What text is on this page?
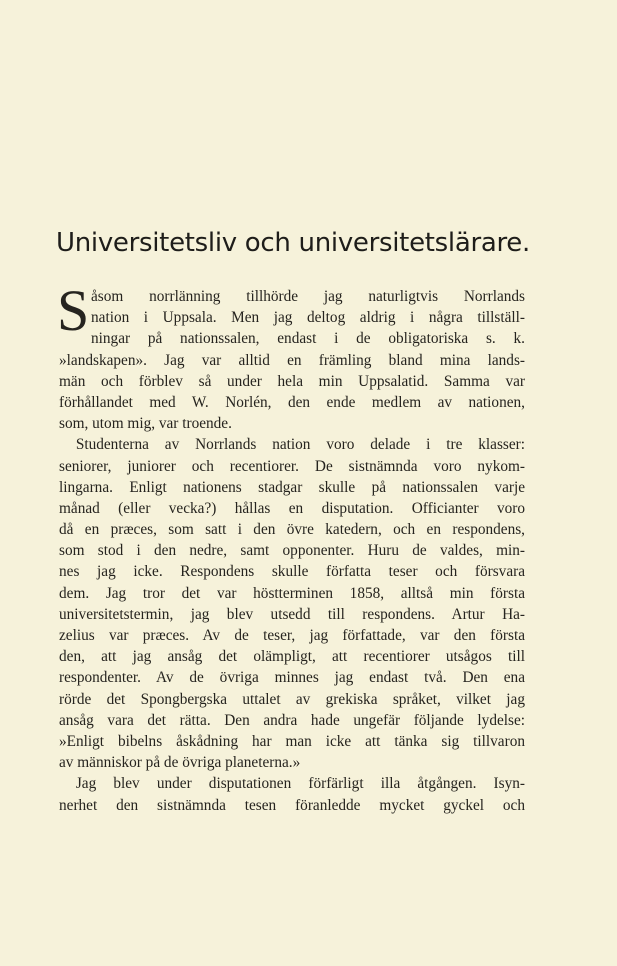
Universitetsliv och universitetslärare.
S åsom norrlänning tillhörde jag naturligtvis Norrlands
nation i Uppsala. Men jag deltog aldrig i några tillställ-
ningar på nationssalen, endast i de obligatoriska s. k.
»landskapen». Jag var alltid en främling bland mina lands-
män och förblev så under hela min Uppsalatid. Samma var
förhållandet med W. Norlén, den ende medlem av nationen,
som, utom mig, var troende.
Studenterna av Norrlands nation voro delade i tre klasser:
seniorer, juniorer och recentiorer. De sistnämnda voro nykom-
lingarna. Enligt nationens stadgar skulle på nationssalen varje
månad (eller vecka?) hållas en disputation. Officianter voro
då en præces, som satt i den övre katedern, och en respondens,
som stod i den nedre, samt opponenter. Huru de valdes, min-
nes jag icke. Respondens skulle författa teser och försvara
dem. Jag tror det var höstterminen 1858, alltså min första
universitetstermin, jag blev utsedd till respondens. Artur Ha-
zelius var præces. Av de teser, jag författade, var den första
den, att jag ansåg det olämpligt, att recentiorer utsågos till
respondenter. Av de övriga minnes jag endast två. Den ena
rörde det Spongbergska uttalet av grekiska språket, vilket jag
ansåg vara det rätta. Den andra hade ungefär följande lydelse:
»Enligt bibelns åskådning har man icke att tänka sig tillvaron
av människor på de övriga planeterna.»
Jag blev under disputationen förfärligt illa åtgången. Isyn-
nerhet den sistnämnda tesen föranledde mycket gyckel och
